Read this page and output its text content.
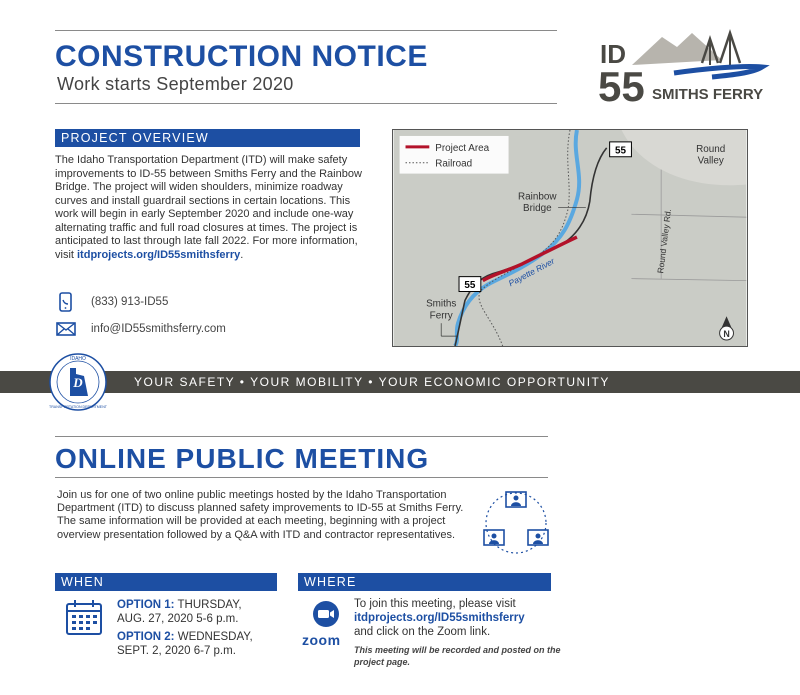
CONSTRUCTION NOTICE
Work starts September 2020
ID
55 SMITHS FERRY
PROJECT OVERVIEW
The Idaho Transportation Department (ITD) will make safety improvements to ID-55 between Smiths Ferry and the Rainbow Bridge. The project will widen shoulders, minimize roadway curves and install guardrail sections in certain locations. This work will begin in early September 2020 and include one-way alternating traffic and full road closures at times. The project is anticipated to last through late fall 2022. For more information, visit itdprojects.org/ID55smithsferry.
(833) 913-ID55
info@ID55smithsferry.com
Project Area
Railroad
55
55
Rainbow
Bridge
Smiths
Ferry
Round
Valley
Round Valley Rd.
Payette River
N
YOUR SAFETY • YOUR MOBILITY • YOUR ECONOMIC OPPORTUNITY
D
IDAHO
TRANSPORTATION DEPARTMENT
ONLINE PUBLIC MEETING
Join us for one of two online public meetings hosted by the Idaho Transportation Department (ITD) to discuss planned safety improvements to ID-55 at Smiths Ferry. The same information will be provided at each meeting, beginning with a project overview presentation followed by a Q&A with ITD and contractor representatives.
WHEN
OPTION 1: THURSDAY,
AUG. 27, 2020 5-6 p.m.
OPTION 2: WEDNESDAY,
SEPT. 2, 2020 6-7 p.m.
WHERE
zoom
To join this meeting, please visit
itdprojects.org/ID55smithsferry
and click on the Zoom link.
This meeting will be recorded and posted on the project page.
